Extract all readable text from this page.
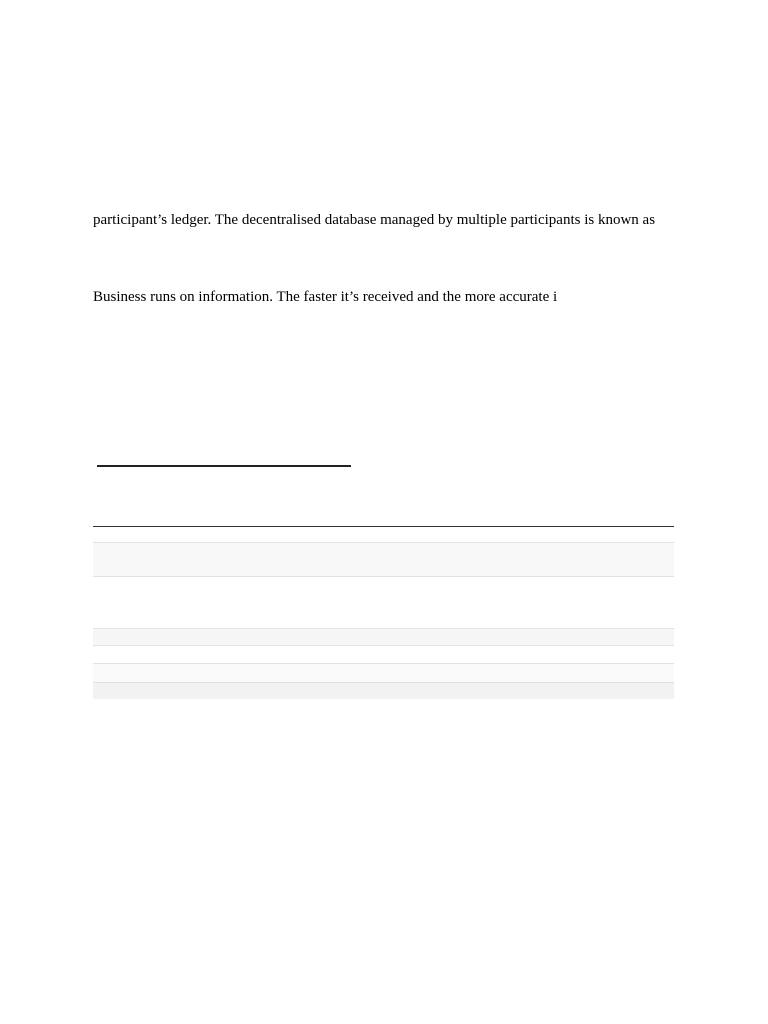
participant’s ledger. The decentralised database managed by multiple participants is known as

Business runs on information. The faster it’s received and the more accurate i
